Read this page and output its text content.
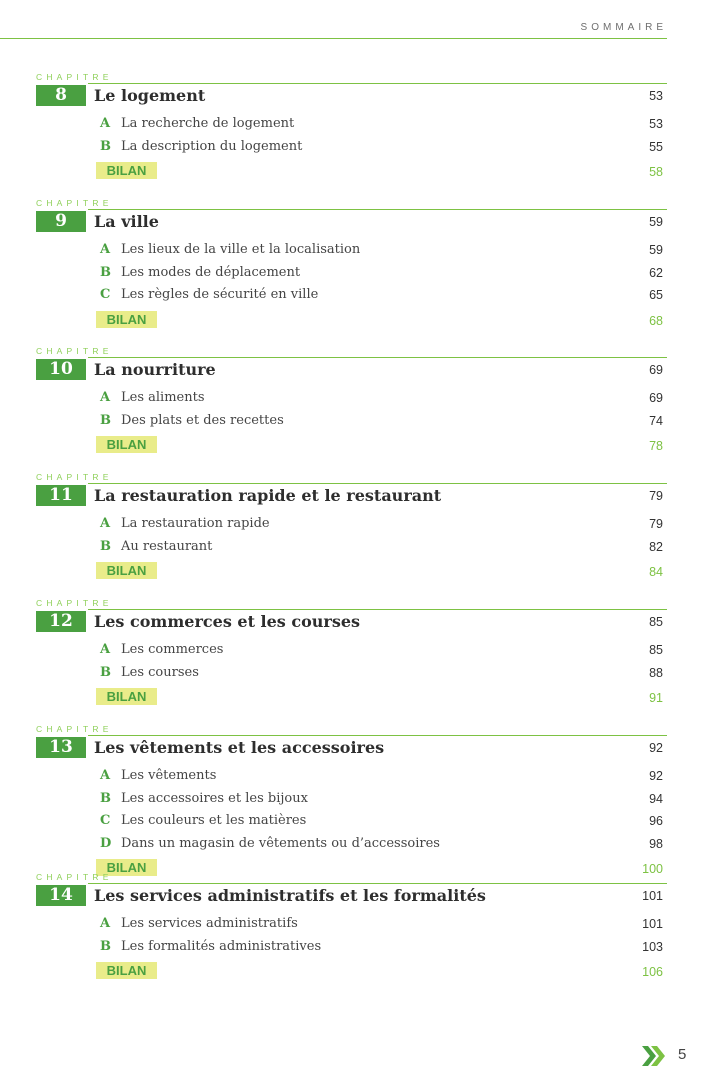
SOMMAIRE
CHAPITRE
8	Le logement	53
A La recherche de logement	53
B La description du logement	55
BILAN	58
CHAPITRE
9	La ville	59
A Les lieux de la ville et la localisation	59
B Les modes de déplacement	62
C Les règles de sécurité en ville	65
BILAN	68
CHAPITRE
10	La nourriture	69
A Les aliments	69
B Des plats et des recettes	74
BILAN	78
CHAPITRE
11	La restauration rapide et le restaurant	79
A La restauration rapide	79
B Au restaurant	82
BILAN	84
CHAPITRE
12	Les commerces et les courses	85
A Les commerces	85
B Les courses	88
BILAN	91
CHAPITRE
13	Les vêtements et les accessoires	92
A Les vêtements	92
B Les accessoires et les bijoux	94
C Les couleurs et les matières	96
D Dans un magasin de vêtements ou d’accessoires	98
BILAN	100
CHAPITRE
14	Les services administratifs et les formalités	101
A Les services administratifs	101
B Les formalités administratives	103
BILAN	106
5
